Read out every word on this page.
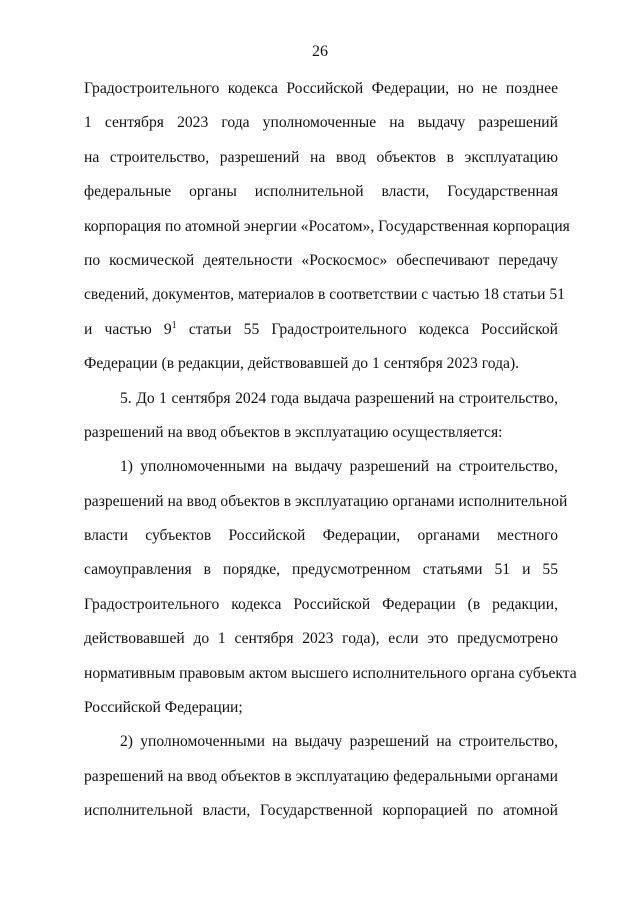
26
Градостроительного кодекса Российской Федерации, но не позднее
1 сентября 2023 года уполномоченные на выдачу разрешений
на строительство, разрешений на ввод объектов в эксплуатацию
федеральные органы исполнительной власти, Государственная
корпорация по атомной энергии «Росатом», Государственная корпорация
по космической деятельности «Роскосмос» обеспечивают передачу
сведений, документов, материалов в соответствии с частью 18 статьи 51
и частью $9^1$ статьи 55 Градостроительного кодекса Российской
Федерации (в редакции, действовавшей до 1 сентября 2023 года).
5. До 1 сентября 2024 года выдача разрешений на строительство,
разрешений на ввод объектов в эксплуатацию осуществляется:
1) уполномоченными на выдачу разрешений на строительство,
разрешений на ввод объектов в эксплуатацию органами исполнительной
власти субъектов Российской Федерации, органами местного
самоуправления в порядке, предусмотренном статьями 51 и 55
Градостроительного кодекса Российской Федерации (в редакции,
действовавшей до 1 сентября 2023 года), если это предусмотрено
нормативным правовым актом высшего исполнительного органа субъекта
Российской Федерации;
2) уполномоченными на выдачу разрешений на строительство,
разрешений на ввод объектов в эксплуатацию федеральными органами
исполнительной власти, Государственной корпорацией по атомной
